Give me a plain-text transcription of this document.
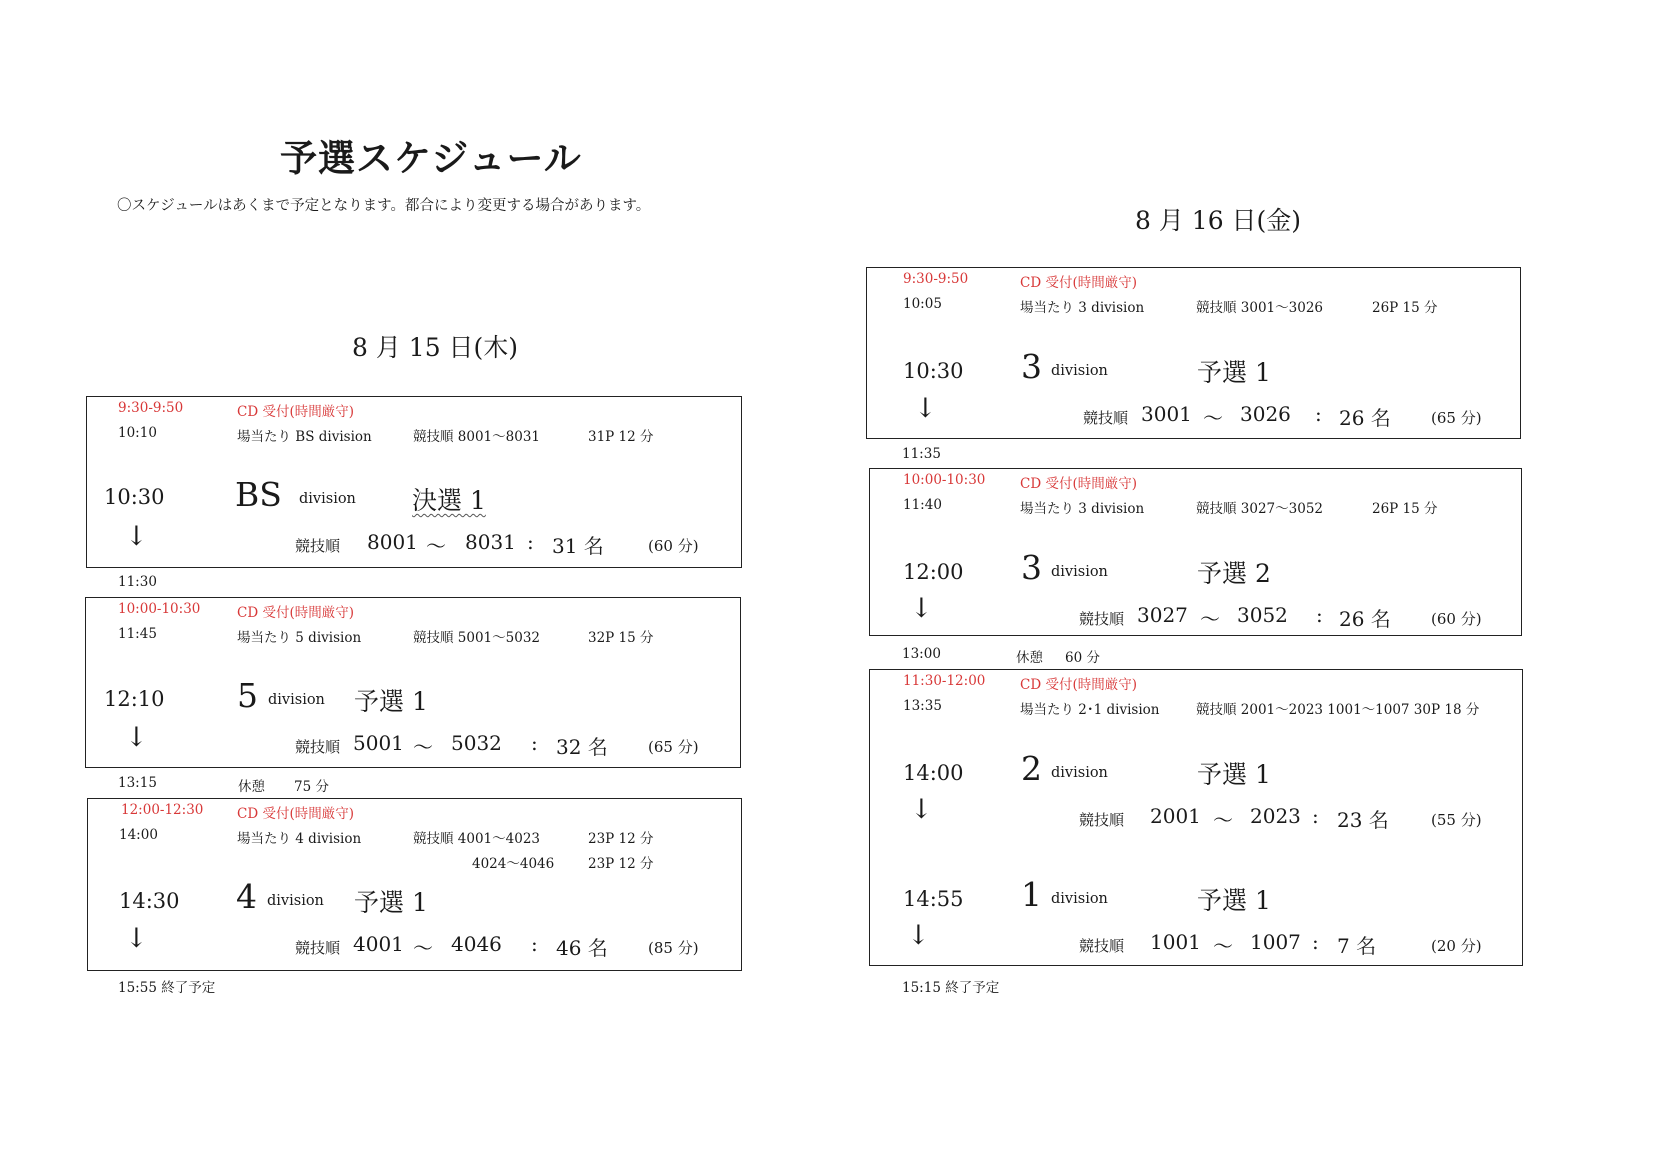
予選スケジュール
〇スケジュールはあくまで予定となります。都合により変更する場合があります。
8 月 15 日(木)
9:30-9:50	CD 受付(時間厳守)
10:10	場当たり BS division	競技順 8001～8031	31P 12 分
10:30 BS division 決選 1
↓	競技順 8001 ～ 8031 : 31 名	(60 分)
11:30
10:00-10:30	CD 受付(時間厳守)
11:45	場当たり 5 division	競技順 5001～5032	32P 15 分
12:10 5 division 予選 1
↓	競技順 5001 ～ 5032 : 32 名	(65 分)
13:15	休憩 75 分
12:00-12:30 CD 受付(時間厳守)
14:00	場当たり 4 division	競技順 4001～4023	23P 12 分
4024～4046	23P 12 分
14:30 4 division 予選 1
↓	競技順 4001 ～ 4046 : 46 名	(85 分)
15:55 終了予定
8 月 16 日(金)
9:30-9:50	CD 受付(時間厳守)
10:05	場当たり 3 division	競技順 3001～3026	26P 15 分
10:30 3 division	予選 1
↓	競技順 3001 ～ 3026 : 26 名	(65 分)
11:35
10:00-10:30	CD 受付(時間厳守)
11:40	場当たり 3 division	競技順 3027～3052	26P 15 分
12:00 3 division	予選 2
↓	競技順 3027 ～ 3052 : 26 名	(60 分)
13:00	休憩 60 分
11:30-12:00	CD 受付(時間厳守)
13:35	場当たり 2･1 division	競技順 2001～2023 1001～1007 30P 18 分
14:00 2 division	予選 1
↓	競技順 2001 ～ 2023 : 23 名	(55 分)
14:55 1 division	予選 1
↓	競技順 1001 ～ 1007 : 7 名	(20 分)
15:15 終了予定
